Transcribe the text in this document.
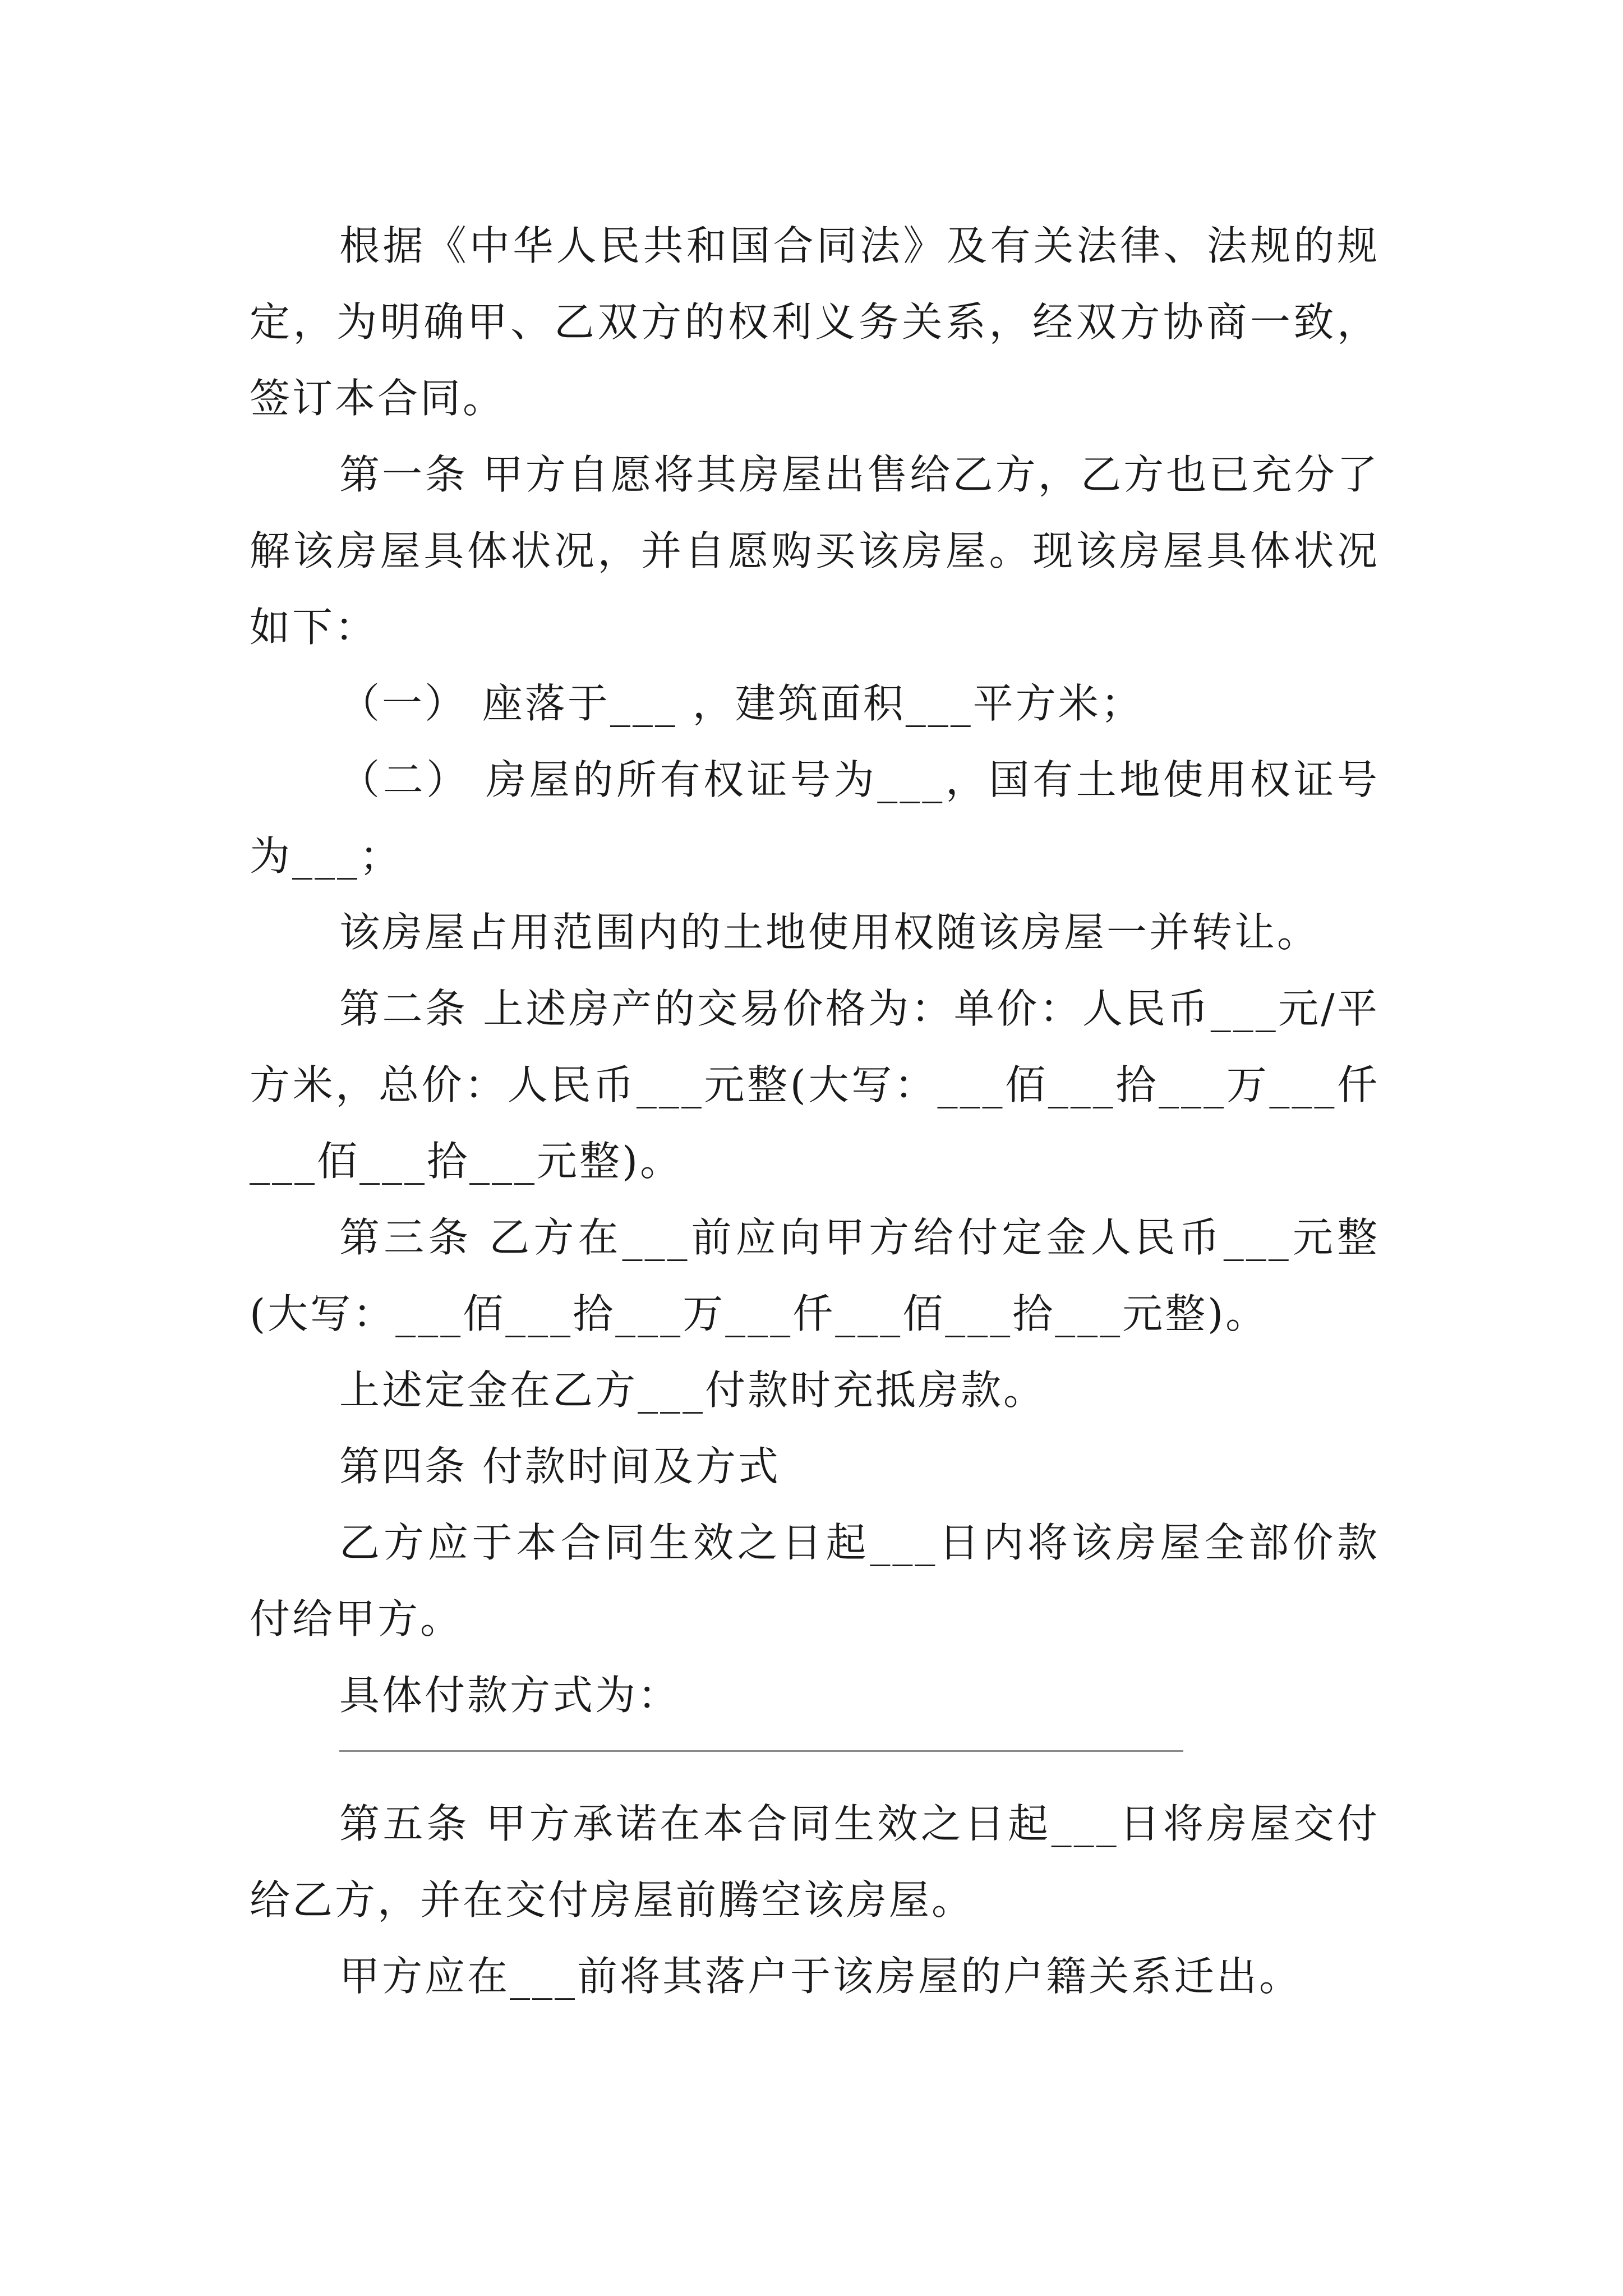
根据《中华人民共和国合同法》及有关法律、法规的规定，为明确甲、乙双方的权利义务关系，经双方协商一致，签订本合同。

第一条 甲方自愿将其房屋出售给乙方，乙方也已充分了解该房屋具体状况，并自愿购买该房屋。现该房屋具体状况如下：

（一） 座落于___ ，建筑面积___平方米；

（二） 房屋的所有权证号为___，国有土地使用权证号为___；

该房屋占用范围内的土地使用权随该房屋一并转让。

第二条 上述房产的交易价格为：单价：人民币___元/平方米，总价：人民币___元整(大写：___佰___拾___万___仟___佰___拾___元整)。

第三条 乙方在___前应向甲方给付定金人民币___元整(大写：___佰___拾___万___仟___佰___拾___元整)。

上述定金在乙方___付款时充抵房款。

第四条 付款时间及方式

乙方应于本合同生效之日起___日内将该房屋全部价款付给甲方。

具体付款方式为：

第五条 甲方承诺在本合同生效之日起___日将房屋交付给乙方，并在交付房屋前腾空该房屋。

甲方应在___前将其落户于该房屋的户籍关系迁出。
